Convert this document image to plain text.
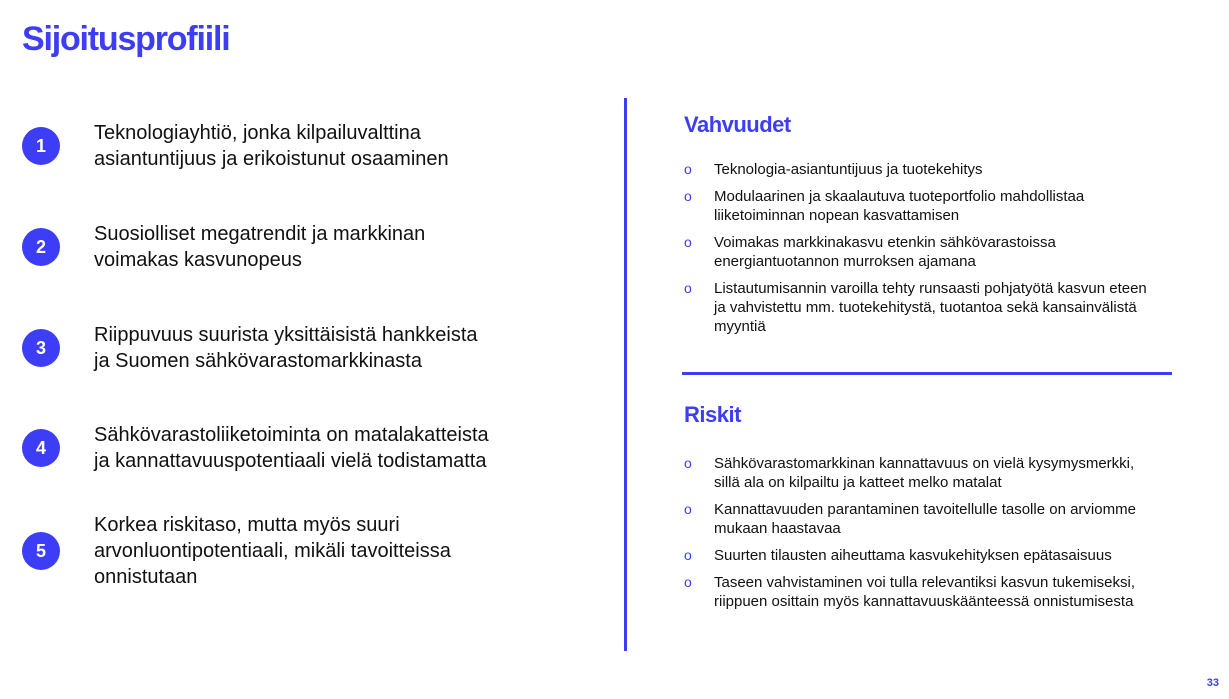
Sijoitusprofiili
1
Teknologiayhtiö, jonka kilpailuvalttina
asiantuntijuus ja erikoistunut osaaminen
2
Suosiolliset megatrendit ja markkinan
voimakas kasvunopeus
3
Riippuvuus suurista yksittäisistä hankkeista
ja Suomen sähkövarastomarkkinasta
4
Sähkövarastoliiketoiminta on matalakatteista
ja kannattavuuspotentiaali vielä todistamatta
5
Korkea riskitaso, mutta myös suuri
arvonluontipotentiaali, mikäli tavoitteissa
onnistutaan
Vahvuudet
o	Teknologia-asiantuntijuus ja tuotekehitys
o	Modulaarinen ja skaalautuva tuoteportfolio mahdollistaa
liiketoiminnan nopean kasvattamisen
o	Voimakas markkinakasvu etenkin sähkövarastoissa
energiantuotannon murroksen ajamana
o	Listautumisannin varoilla tehty runsaasti pohjatyötä kasvun eteen
ja vahvistettu mm. tuotekehitystä, tuotantoa sekä kansainvälistä
myyntiä
Riskit
o	Sähkövarastomarkkinan kannattavuus on vielä kysymysmerkki,
sillä ala on kilpailtu ja katteet melko matalat
o	Kannattavuuden parantaminen tavoitellulle tasolle on arviomme
mukaan haastavaa
o	Suurten tilausten aiheuttama kasvukehityksen epätasaisuus
o	Taseen vahvistaminen voi tulla relevantiksi kasvun tukemiseksi,
riippuen osittain myös kannattavuuskäänteessä onnistumisesta
33
